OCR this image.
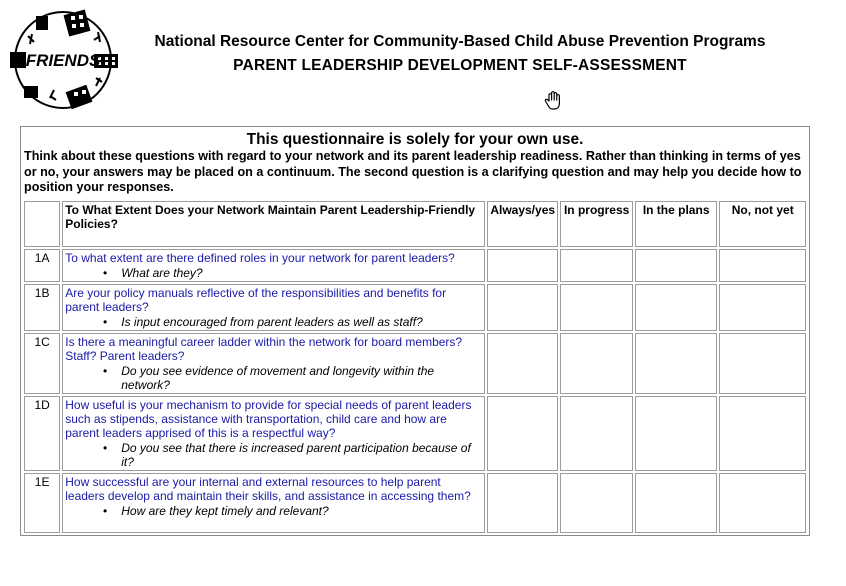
FRIENDS
National Resource Center for Community-Based Child Abuse Prevention Programs
PARENT LEADERSHIP DEVELOPMENT SELF-ASSESSMENT
This questionnaire is solely for your own use.
Think about these questions with regard to your network and its parent leadership readiness. Rather than thinking in terms of yes or no, your answers may be placed on a continuum. The second question is a clarifying question and may help you decide how to position your responses.
	To What Extent Does your Network Maintain Parent Leadership-Friendly Policies?	Always/yes	In progress	In the plans	No, not yet
1A	To what extent are there defined roles in your network for parent leaders?
• What are they?				

1B	Are your policy manuals reflective of the responsibilities and benefits for parent leaders?
• Is input encouraged from parent leaders as well as staff?				

1C	Is there a meaningful career ladder within the network for board members? Staff? Parent leaders?
• Do you see evidence of movement and longevity within the network?				

1D	How useful is your mechanism to provide for special needs of parent leaders such as stipends, assistance with transportation, child care and how are parent leaders apprised of this is a respectful way?
• Do you see that there is increased parent participation because of it?				

1E	How successful are your internal and external resources to help parent leaders develop and maintain their skills, and assistance in accessing them?
• How are they kept timely and relevant?				
